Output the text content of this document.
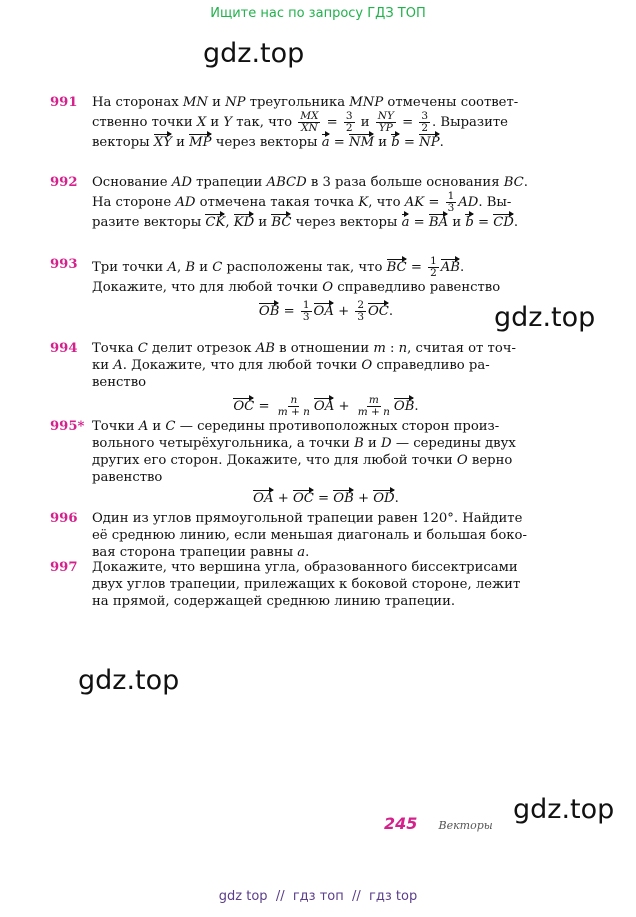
Ищите нас по запросу ГДЗ ТОП
gdz.top
gdz.top
gdz.top
gdz.top
991 На сторонах MN и NP треугольника MNP отмечены соответ-
ственно точки X и Y так, что $\frac{MX}{XN} = \frac{3}{2}$ и $\frac{NY}{YP} = \frac{3}{2}$ . Выразите
векторы XY и MP через векторы a = NM и b = NP.
992 Основание AD трапеции ABCD в 3 раза больше основания BC.
На стороне AD отмечена такая точка K, что AK = $\frac{1}{3}$ AD. Вы-
разите векторы CK, KD и BC через векторы a = BA и b = CD.
993 Три точки A, B и C расположены так, что BC = $\frac{1}{2}$ AB.
Докажите, что для любой точки O справедливо равенство
OB = $\frac{1}{3}$ OA + $\frac{2}{3}$ OC.
994 Точка C делит отрезок AB в отношении m : n, считая от точ-
ки A. Докажите, что для любой точки O справедливо ра-
венство
OC = $\frac{n}{m + n}$ OA + $\frac{m}{m + n}$ OB.
995* Точки A и C — середины противоположных сторон произ-
вольного четырёхугольника, а точки B и D — середины двух
других его сторон. Докажите, что для любой точки O верно
равенство
OA + OC = OB + OD.
996 Один из углов прямоугольной трапеции равен 120°. Найдите
её среднюю линию, если меньшая диагональ и большая боко-
вая сторона трапеции равны a.
997 Докажите, что вершина угла, образованного биссектрисами
двух углов трапеции, прилежащих к боковой стороне, лежит
на прямой, содержащей среднюю линию трапеции.
245 Векторы
gdz top  //  гдз топ  //  гдз top
